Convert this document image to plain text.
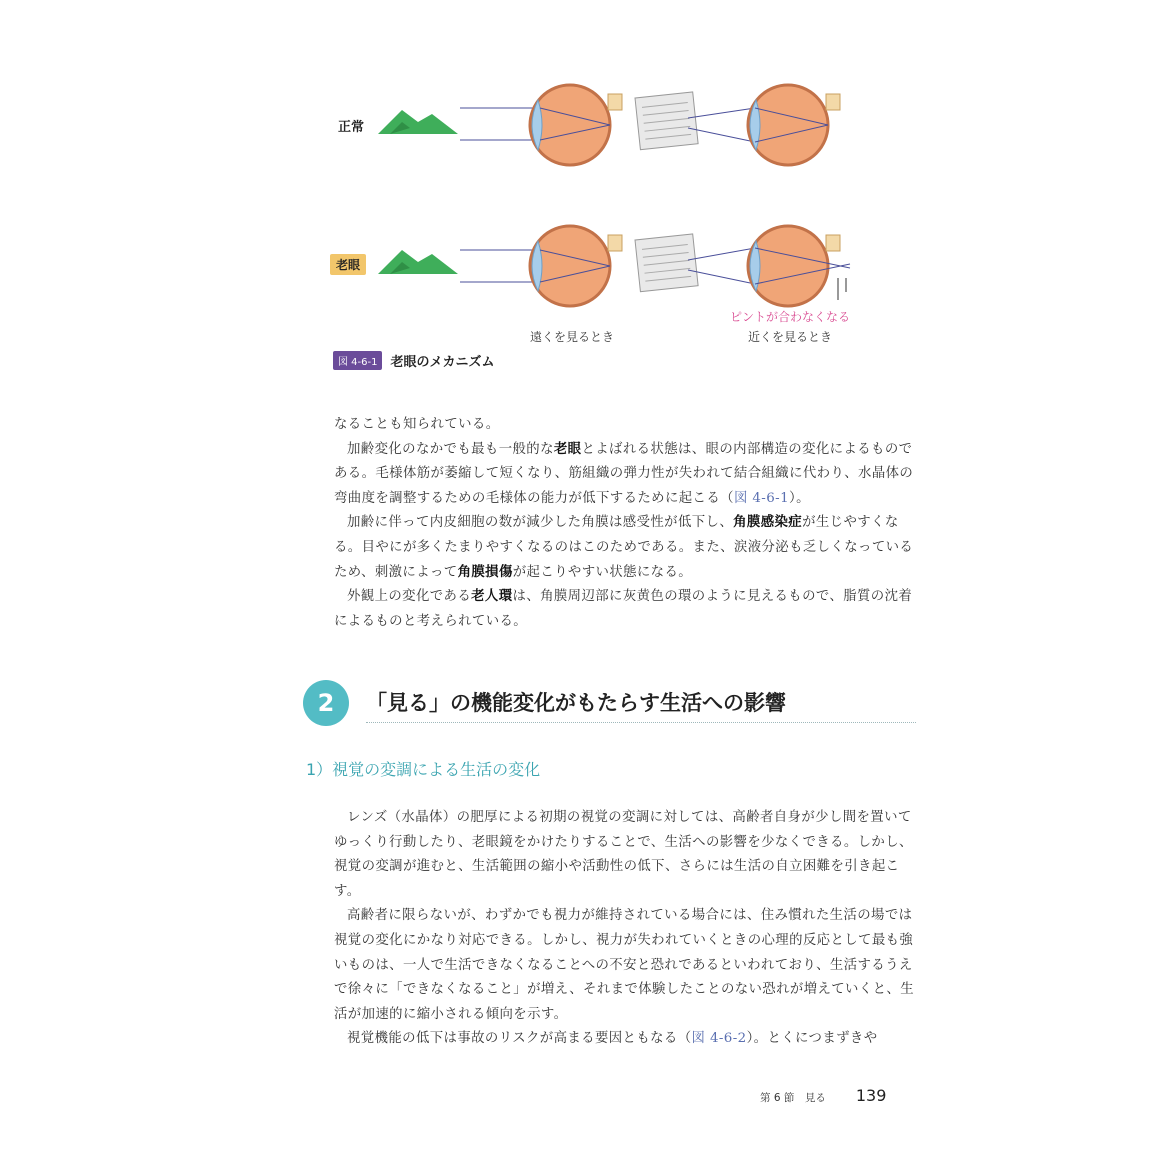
正常
老眼
ピントが合わなくなる
遠くを見るとき	近くを見るとき
図 4-6-1	老眼のメカニズム

なることも知られている。

加齢変化のなかでも最も一般的な老眼とよばれる状態は、眼の内部構造の変化によるものである。毛様体筋が萎縮して短くなり、筋組織の弾力性が失われて結合組織に代わり、水晶体の弯曲度を調整するための毛様体の能力が低下するために起こる（図 4-6-1）。

加齢に伴って内皮細胞の数が減少した角膜は感受性が低下し、角膜感染症が生じやすくなる。目やにが多くたまりやすくなるのはこのためである。また、涙液分泌も乏しくなっているため、刺激によって角膜損傷が起こりやすい状態になる。

外観上の変化である老人環は、角膜周辺部に灰黄色の環のように見えるもので、脂質の沈着によるものと考えられている。

2	「見る」の機能変化がもたらす生活への影響
1）視覚の変調による生活の変化

レンズ（水晶体）の肥厚による初期の視覚の変調に対しては、高齢者自身が少し間を置いてゆっくり行動したり、老眼鏡をかけたりすることで、生活への影響を少なくできる。しかし、視覚の変調が進むと、生活範囲の縮小や活動性の低下、さらには生活の自立困難を引き起こす。

高齢者に限らないが、わずかでも視力が維持されている場合には、住み慣れた生活の場では視覚の変化にかなり対応できる。しかし、視力が失われていくときの心理的反応として最も強いものは、一人で生活できなくなることへの不安と恐れであるといわれており、生活するうえで徐々に「できなくなること」が増え、それまで体験したことのない恐れが増えていくと、生活が加速的に縮小される傾向を示す。

視覚機能の低下は事故のリスクが高まる要因ともなる（図 4-6-2）。とくにつまずきや

第 6 節　見る 139
